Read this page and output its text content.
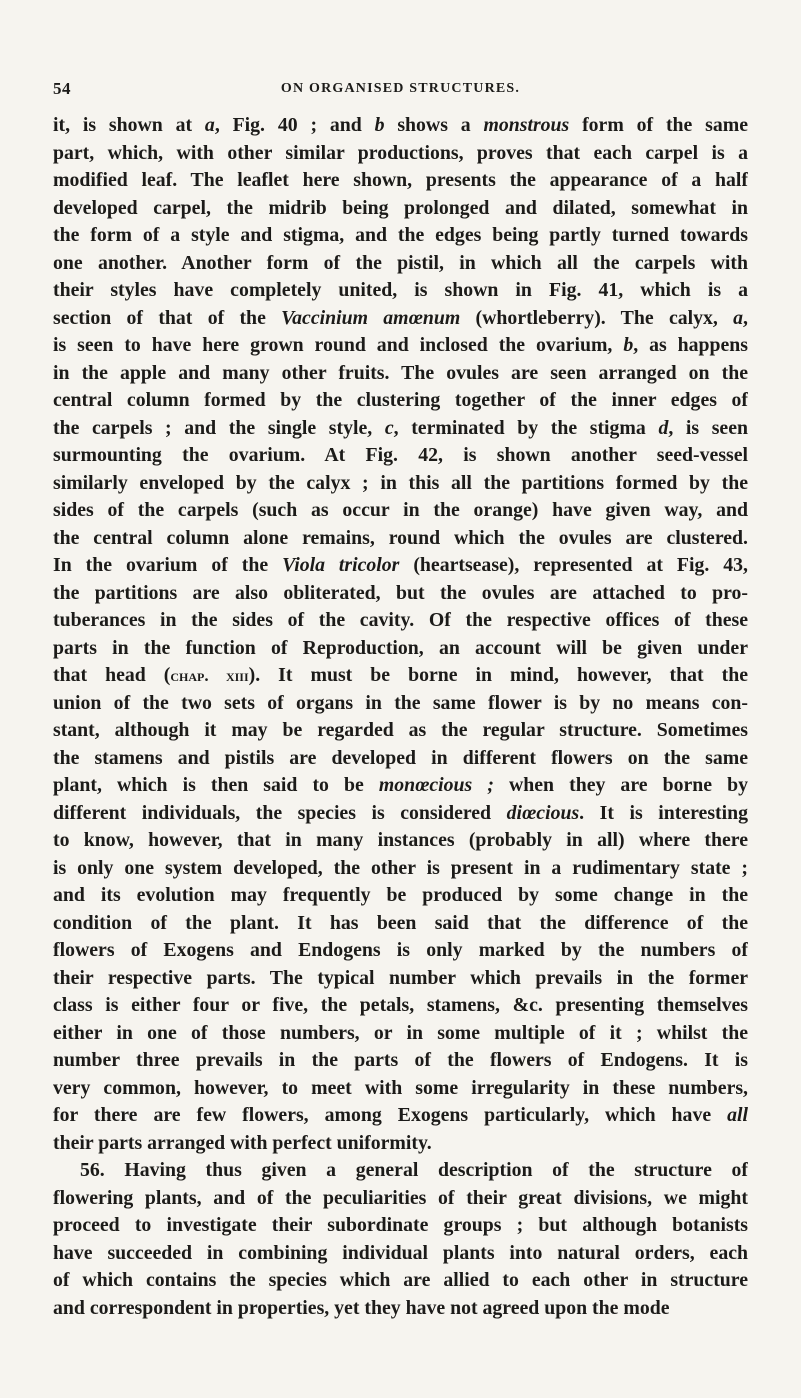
54	ON ORGANISED STRUCTURES.
it, is shown at a, Fig. 40 ; and b shows a monstrous form of the same
part, which, with other similar productions, proves that each carpel is a
modified leaf. The leaflet here shown, presents the appearance of a half
developed carpel, the midrib being prolonged and dilated, somewhat in
the form of a style and stigma, and the edges being partly turned towards
one another. Another form of the pistil, in which all the carpels with
their styles have completely united, is shown in Fig. 41, which is a
section of that of the Vaccinium amœnum (whortleberry). The calyx, a,
is seen to have here grown round and inclosed the ovarium, b, as happens
in the apple and many other fruits. The ovules are seen arranged on the
central column formed by the clustering together of the inner edges of
the carpels ; and the single style, c, terminated by the stigma d, is seen
surmounting the ovarium. At Fig. 42, is shown another seed-vessel
similarly enveloped by the calyx ; in this all the partitions formed by the
sides of the carpels (such as occur in the orange) have given way, and
the central column alone remains, round which the ovules are clustered.
In the ovarium of the Viola tricolor (heartsease), represented at Fig. 43,
the partitions are also obliterated, but the ovules are attached to pro-
tuberances in the sides of the cavity. Of the respective offices of these
parts in the function of Reproduction, an account will be given under
that head (chap. xiii). It must be borne in mind, however, that the
union of the two sets of organs in the same flower is by no means con-
stant, although it may be regarded as the regular structure. Sometimes
the stamens and pistils are developed in different flowers on the same
plant, which is then said to be monœcious ; when they are borne by
different individuals, the species is considered diœcious. It is interesting
to know, however, that in many instances (probably in all) where there
is only one system developed, the other is present in a rudimentary state ;
and its evolution may frequently be produced by some change in the
condition of the plant. It has been said that the difference of the
flowers of Exogens and Endogens is only marked by the numbers of
their respective parts. The typical number which prevails in the former
class is either four or five, the petals, stamens, &c. presenting themselves
either in one of those numbers, or in some multiple of it ; whilst the
number three prevails in the parts of the flowers of Endogens. It is
very common, however, to meet with some irregularity in these numbers,
for there are few flowers, among Exogens particularly, which have all
their parts arranged with perfect uniformity.
56. Having thus given a general description of the structure of
flowering plants, and of the peculiarities of their great divisions, we might
proceed to investigate their subordinate groups ; but although botanists
have succeeded in combining individual plants into natural orders, each
of which contains the species which are allied to each other in structure
and correspondent in properties, yet they have not agreed upon the mode
